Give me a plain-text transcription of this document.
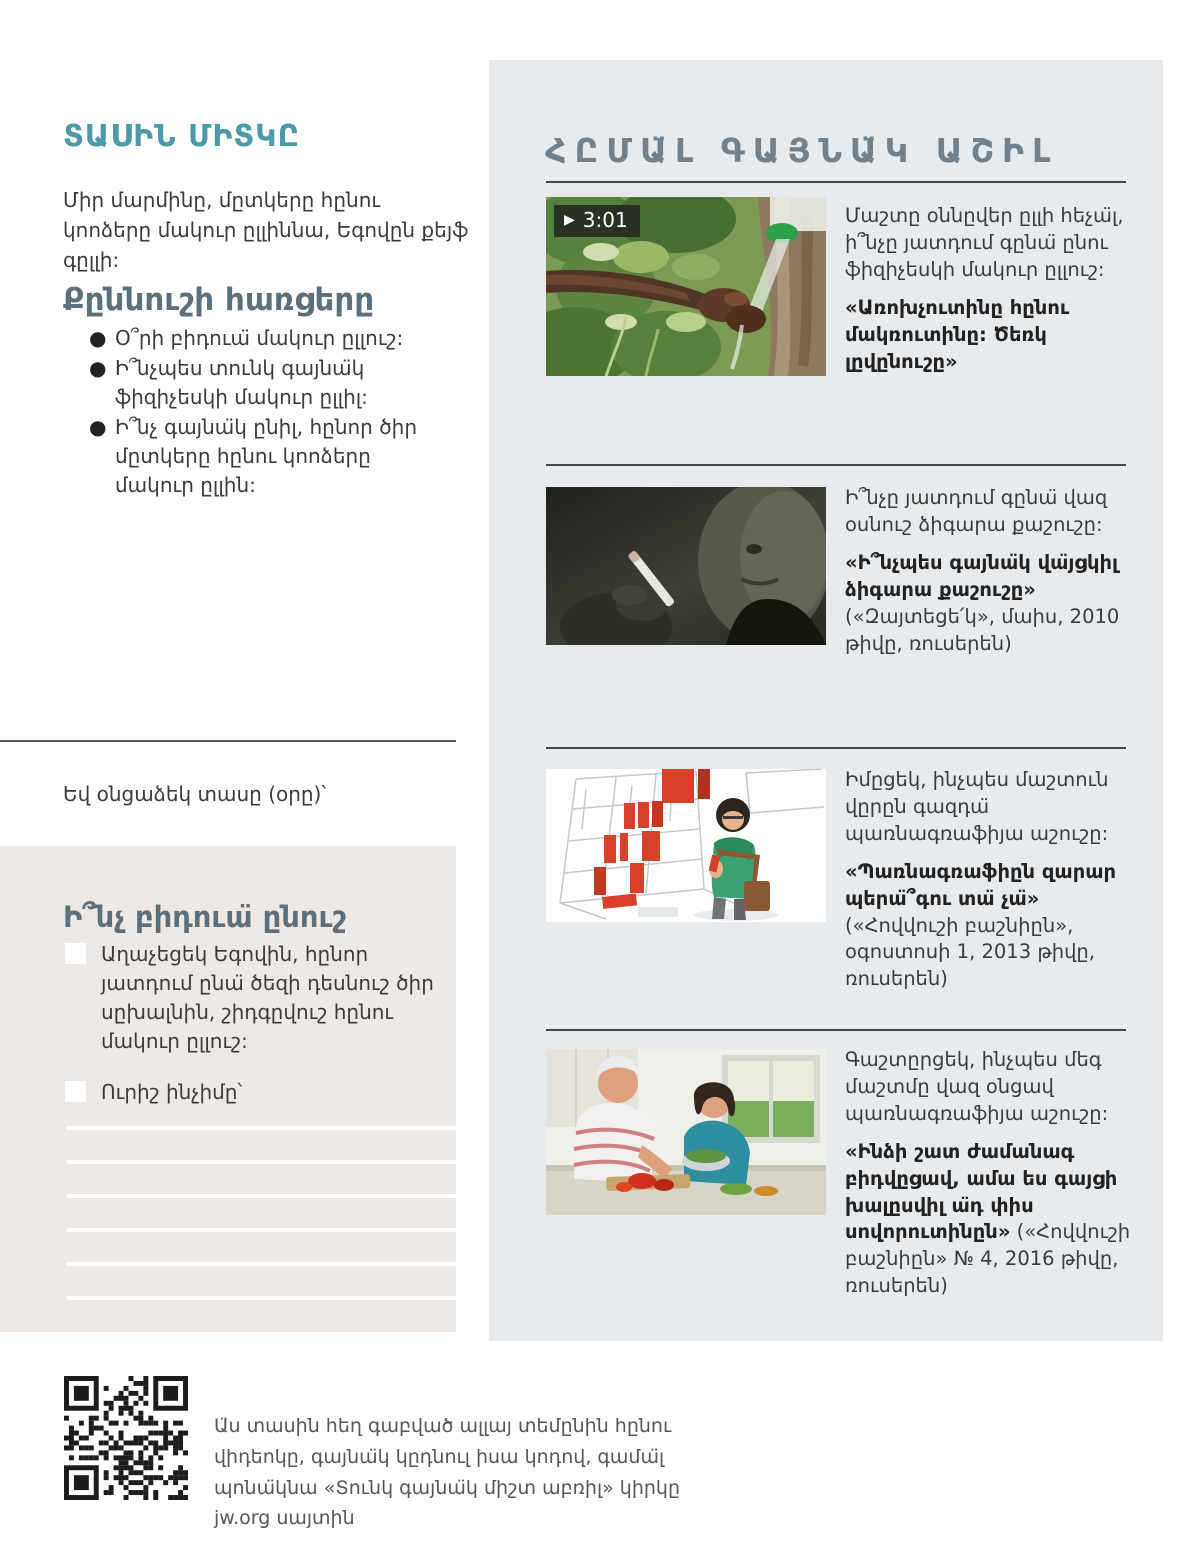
ՀԸՄԱ̈Լ ԳԱՅՆԱ̈Կ ԱՇԻԼ
▶ 3:01	Մաշտը օննըվեր ըլլի հեչա̈լ, ի՞նչը յատդում գընա̈ ընու ֆիզիչեսկի մակուր ըլլուշ:

«Առոխչուտինը հընու մակռուտինը: Ծեռկ լըվընուշը»

Ի՞նչը յատդում գընա̈ վազ օսնուշ ձիգարա քաշուշը:

«Ի՞նչպես գայնա̈կ վա̈յցկիլ ձիգարա քաշուշը» («Զայտեցե՛կ», մաիս, 2010 թիվը, ռուսերեն)

Իմըցեկ, ինչպես մաշտուն վըրըն գազդա̈ պառնագռաֆիյա աշուշը:

«Պառնագռաֆիըն զարար պերա̈՞գու տա̈ չա̈» («Հովվուշի բաշնիըն», օգոստոսի 1, 2013 թիվը, ռուսերեն)

Գաշտըրցեկ, ինչպես մեգ մաշտմը վազ օնցավ պառնագռաֆիյա աշուշը:

«Ինձի շատ ժամանագ բիդվըցավ, ամա ես գայցի խալըսվիլ ա̈դ փիս սովորուտինըն» («Հովվուշի բաշնիըն» № 4, 2016 թիվը, ռուսերեն)

ՏԱՍԻՆ ՄԻՏԿԸ

Միր մարմինը, մըտկերը հընու կոոձերը մակուր ըլլիննա, Եգովըն քեյֆ գըլլի:

Քըննուշի հառցերը
● Օ՞րի բիդուա̈ մակուր ըլլուշ:
● Ի՞նչպես տունկ գայնա̈կ ֆիզիչեսկի մակուր ըլլիլ:
● Ի՞նչ գայնա̈կ ընիլ, հընոր ծիր մըտկերը հընու կոոձերը մակուր ըլլին:

Եվ օնցաձեկ տասը (օրը)՝

Ի՞նչ բիդուա̈ ընուշ
Աղաչեցեկ Եգովին, հընոր յատդում ընա̈ ծեզի դեսնուշ ծիր սըխալնին, շիդգըվուշ հընու մակուր ըլլուշ:
Ուրիշ ինչիմը՝

Ա̈ս տասին հեղ գաբված ալլայ տեմընին հընու վիդեոկը, գայնա̈կ կըդնուլ իսա կոդով, գամա̈լ պոնա̈կնա «Տունկ գայնա̈կ միշտ աբռիլ» կիրկը jw.org սայտին
